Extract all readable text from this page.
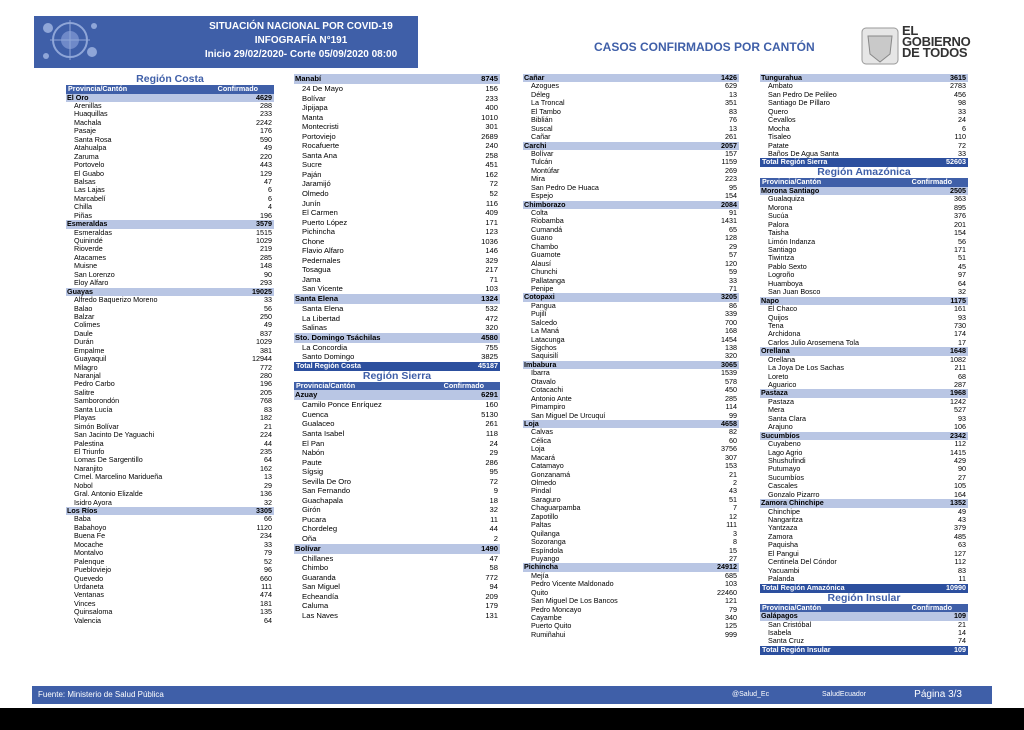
SITUACIÓN NACIONAL POR COVID-19
INFOGRAFÍA N°191
Inicio 29/02/2020- Corte 05/09/2020 08:00
CASOS CONFIRMADOS POR CANTÓN
EL GOBIERNO DE TODOS
Región Costa
Provincia/Cantón	Confirmado
El Oro	4629
Arenillas	288
Huaquillas	233
Machala	2242
Pasaje	176
Santa Rosa	590
Atahualpa	49
Zaruma	220
Portovelo	443
El Guabo	129
Balsas	47
Las Lajas	6
Marcabelí	6
Chilla	4
Piñas	196
Esmeraldas	3579
Esmeraldas	1515
Quinindé	1029
Rioverde	219
Atacames	285
Muisne	148
San Lorenzo	90
Eloy Alfaro	293
Guayas	19025
Alfredo Baquerizo Moreno	33
Balao	56
Balzar	250
Colimes	49
Daule	837
Durán	1029
Empalme	381
Guayaquil	12944
Milagro	772
Naranjal	280
Pedro Carbo	196
Salitre	205
Samborondón	768
Santa Lucía	83
Playas	182
Simón Bolívar	21
San Jacinto De Yaguachi	224
Palestina	44
El Triunfo	235
Lomas De Sargentillo	64
Naranjito	162
Crnel. Marcelino Maridueña	13
Nobol	29
Gral. Antonio Elizalde	136
Isidro Ayora	32
Los Ríos	3305
Baba	66
Babahoyo	1120
Buena Fe	234
Mocache	33
Montalvo	79
Palenque	52
Puebloviejo	96
Quevedo	660
Urdaneta	111
Ventanas	474
Vinces	181
Quinsaloma	135
Valencia	64
Manabí	8745
24 De Mayo	156
Bolívar	233
Jipijapa	400
Manta	1010
Montecristi	301
Portoviejo	2689
Rocafuerte	240
Santa Ana	258
Sucre	451
Paján	162
Jaramijó	72
Olmedo	52
Junín	116
El Carmen	409
Puerto López	171
Pichincha	123
Chone	1036
Flavio Alfaro	146
Pedernales	329
Tosagua	217
Jama	71
San Vicente	103
Santa Elena	1324
Santa Elena	532
La Libertad	472
Salinas	320
Sto. Domingo Tsáchilas	4580
La Concordia	755
Santo Domingo	3825
Total Región Costa	45187
Región Sierra
Provincia/Cantón	Confirmado
Azuay	6291
Camilo Ponce Enríquez	160
Cuenca	5130
Gualaceo	261
Santa Isabel	118
El Pan	24
Nabón	29
Paute	286
Sígsig	95
Sevilla De Oro	72
San Fernando	9
Guachapala	18
Girón	32
Pucara	11
Chordeleg	44
Oña	2
Bolívar	1490
Chillanes	47
Chimbo	58
Guaranda	772
San Miguel	94
Echeandía	209
Caluma	179
Las Naves	131
Cañar	1426
Azogues	629
Déleg	13
La Troncal	351
El Tambo	83
Biblián	76
Suscal	13
Cañar	261
Carchi	2057
Bolívar	157
Tulcán	1159
Montúfar	269
Mira	223
San Pedro De Huaca	95
Espejo	154
Chimborazo	2084
Colta	91
Riobamba	1431
Cumandá	65
Guano	128
Chambo	29
Guamote	57
Alausí	120
Chunchi	59
Pallatanga	33
Penipe	71
Cotopaxi	3205
Pangua	86
Pujilí	339
Salcedo	700
La Maná	168
Latacunga	1454
Sigchos	138
Saquisilí	320
Imbabura	3065
Ibarra	1539
Otavalo	578
Cotacachi	450
Antonio Ante	285
Pimampiro	114
San Miguel De Urcuquí	99
Loja	4658
Calvas	82
Célica	60
Loja	3756
Macará	307
Catamayo	153
Gonzanamá	21
Olmedo	2
Pindal	43
Saraguro	51
Chaguarpamba	7
Zapotillo	12
Paltas	111
Quilanga	3
Sozoranga	8
Espíndola	15
Puyango	27
Pichincha	24912
Mejía	685
Pedro Vicente Maldonado	103
Quito	22460
San Miguel De Los Bancos	121
Pedro Moncayo	79
Cayambe	340
Puerto Quito	125
Rumiñahui	999
Tungurahua	3615
Ambato	2783
San Pedro De Pelileo	456
Santiago De Píllaro	98
Quero	33
Cevallos	24
Mocha	6
Tisaleo	110
Patate	72
Baños De Agua Santa	33
Total Región Sierra	52603
Región Amazónica
Provincia/Cantón	Confirmado
Morona Santiago	2505
Gualaquiza	363
Morona	895
Sucúa	376
Palora	201
Taisha	154
Limón Indanza	56
Santiago	171
Tiwintza	51
Pablo Sexto	45
Logroño	97
Huamboya	64
San Juan Bosco	32
Napo	1175
El Chaco	161
Quijos	93
Tena	730
Archidona	174
Carlos Julio Arosemena Tola	17
Orellana	1648
Orellana	1082
La Joya De Los Sachas	211
Loreto	68
Aguarico	287
Pastaza	1968
Pastaza	1242
Mera	527
Santa Clara	93
Arajuno	106
Sucumbíos	2342
Cuyabeno	112
Lago Agrio	1415
Shushufindi	429
Putumayo	90
Sucumbíos	27
Cascales	105
Gonzalo Pizarro	164
Zamora Chinchipe	1352
Chinchipe	49
Nangaritza	43
Yantzaza	379
Zamora	485
Paquisha	63
El Pangui	127
Centinela Del Cóndor	112
Yacuambi	83
Palanda	11
Total Región Amazónica	10990
Región Insular
Provincia/Cantón	Confirmado
Galápagos	109
San Cristóbal	21
Isabela	14
Santa Cruz	74
Total Región Insular	109
Fuente: Ministerio de Salud Pública	@Salud_Ec	SaludEcuador	Página 3/3
